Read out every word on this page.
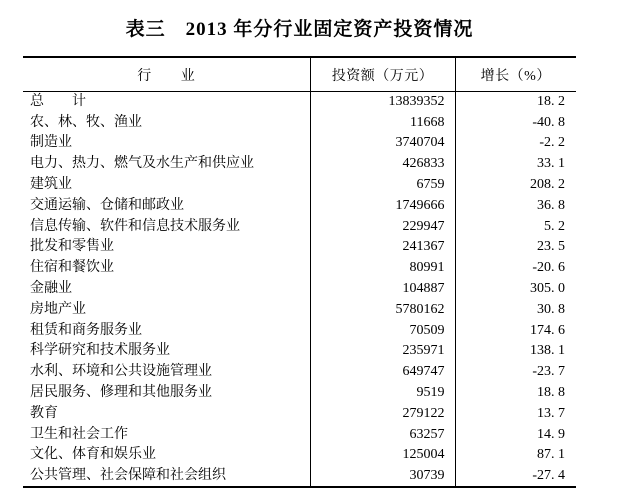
表三　2013 年分行业固定资产投资情况
行　　业	投资额（万元）	增长（%）
总　　计	13839352	18. 2
农、林、牧、渔业	11668	-40. 8
制造业	3740704	-2. 2
电力、热力、燃气及水生产和供应业	426833	33. 1
建筑业	6759	208. 2
交通运输、仓储和邮政业	1749666	36. 8
信息传输、软件和信息技术服务业	229947	5. 2
批发和零售业	241367	23. 5
住宿和餐饮业	80991	-20. 6
金融业	104887	305. 0
房地产业	5780162	30. 8
租赁和商务服务业	70509	174. 6
科学研究和技术服务业	235971	138. 1
水利、环境和公共设施管理业	649747	-23. 7
居民服务、修理和其他服务业	9519	18. 8
教育	279122	13. 7
卫生和社会工作	63257	14. 9
文化、体育和娱乐业	125004	87. 1
公共管理、社会保障和社会组织	30739	-27. 4
